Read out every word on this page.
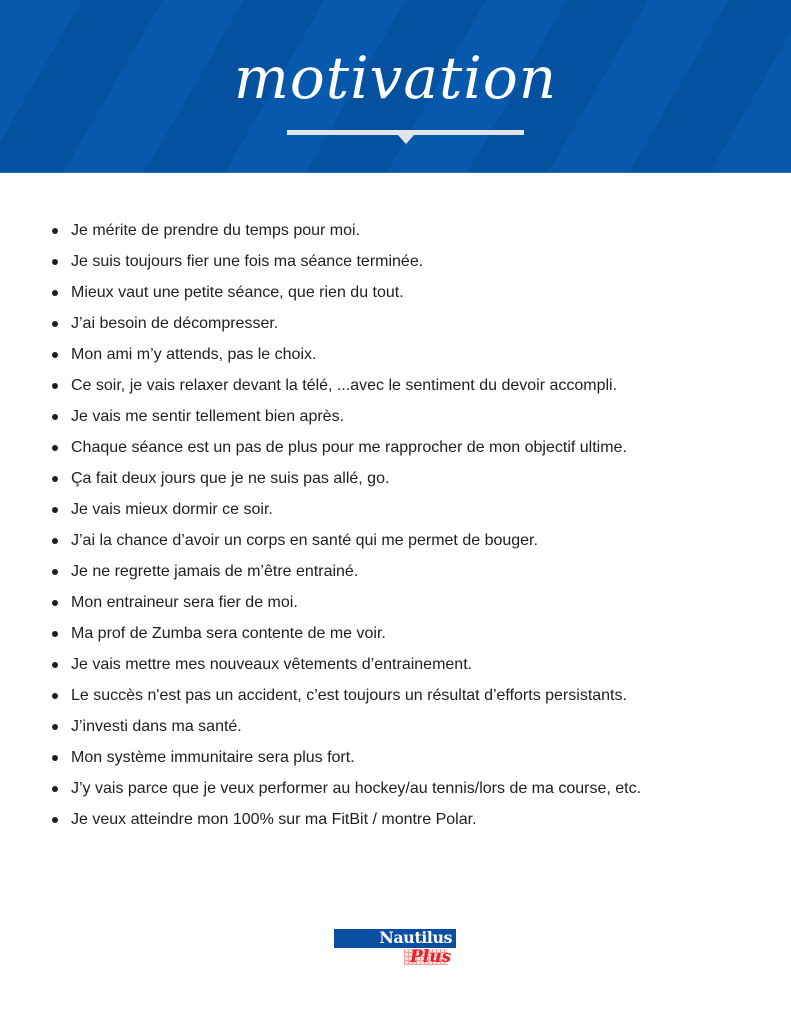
motivation
Je mérite de prendre du temps pour moi.
Je suis toujours fier une fois ma séance terminée.
Mieux vaut une petite séance, que rien du tout.
J’ai besoin de décompresser.
Mon ami m’y attends, pas le choix.
Ce soir, je vais relaxer devant la télé, ...avec le sentiment du devoir accompli.
Je vais me sentir tellement bien après.
Chaque séance est un pas de plus pour me rapprocher de mon objectif ultime.
Ça fait deux jours que je ne suis pas allé, go.
Je vais mieux dormir ce soir.
J’ai la chance d’avoir un corps en santé qui me permet de bouger.
Je ne regrette jamais de m’être entrainé.
Mon entraineur sera fier de moi.
Ma prof de Zumba sera contente de me voir.
Je vais mettre mes nouveaux vêtements d’entrainement.
Le succès n'est pas un accident, c’est toujours un résultat d’efforts persistants.
J’investi dans ma santé.
Mon système immunitaire sera plus fort.
J’y vais parce que je veux performer au hockey/au tennis/lors de ma course, etc.
Je veux atteindre mon 100% sur ma FitBit / montre Polar.
Nautilus
Plus
